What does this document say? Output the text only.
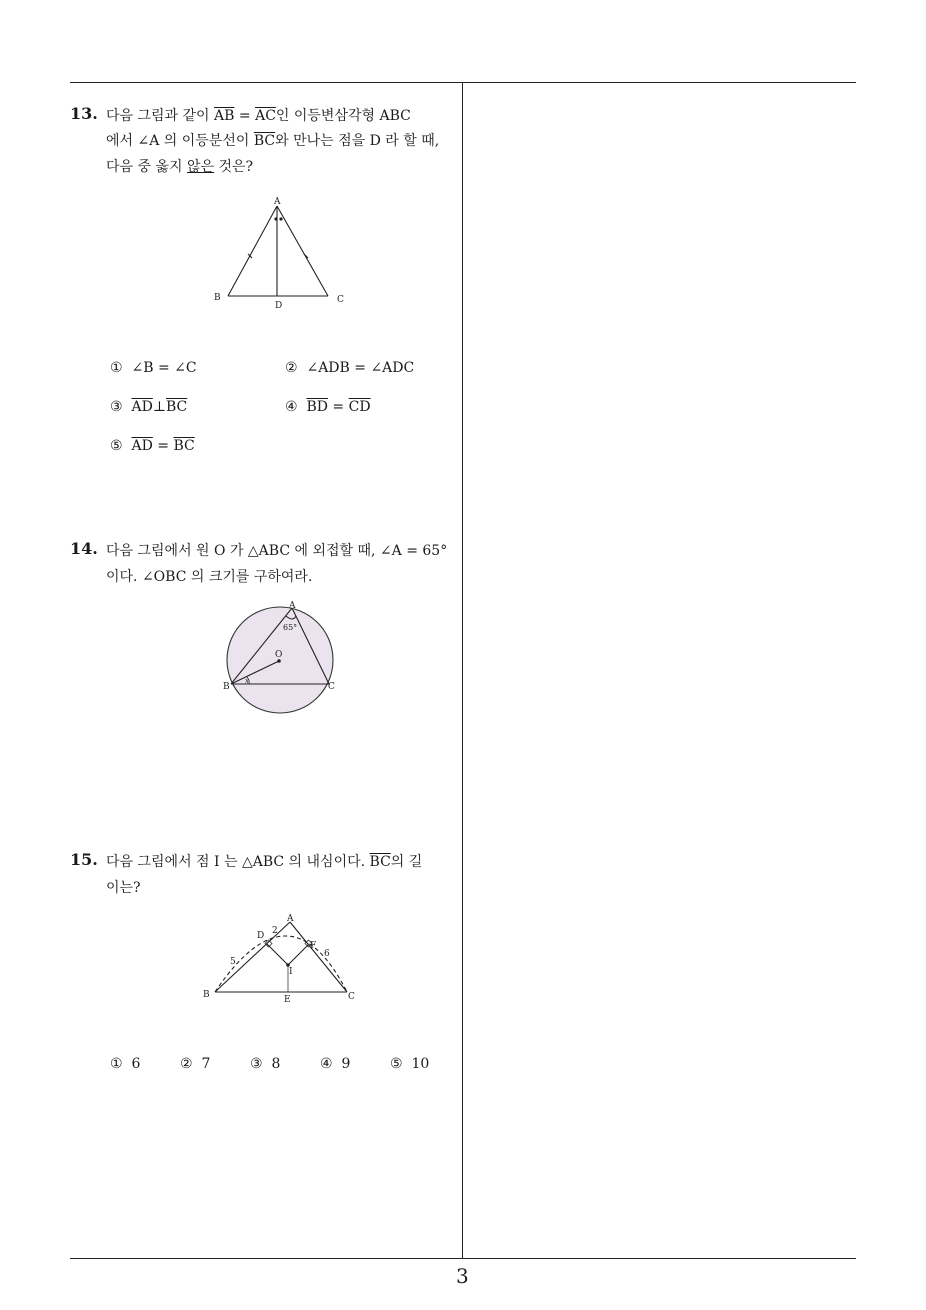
13. 다음 그림과 같이 $\overline{AB} = \overline{AC}$인 이등변삼각형 ABC
에서 ∠A 의 이등분선이 $\overline{BC}$와 만나는 점을 D 라 할 때,
다음 중 옳지 않은 것은?
A
B	C
D
① ∠B = ∠C	② ∠ADB = ∠ADC
③ $\overline{AD}\perp\overline{BC}$	④ $\overline{BD} = \overline{CD}$
⑤ $\overline{AD} = \overline{BC}$
14. 다음 그림에서 원 O 가 △ABC 에 외접할 때, ∠A = 65°
이다. ∠OBC 의 크기를 구하여라.
A
B	C
O
65°
x
15. 다음 그림에서 점 I 는 △ABC 의 내심이다. $\overline{BC}$의 길
이는?
A
B	C
D
E
F
I
5
2
6
① 6	② 7	③ 8	④ 9	⑤ 10
3
